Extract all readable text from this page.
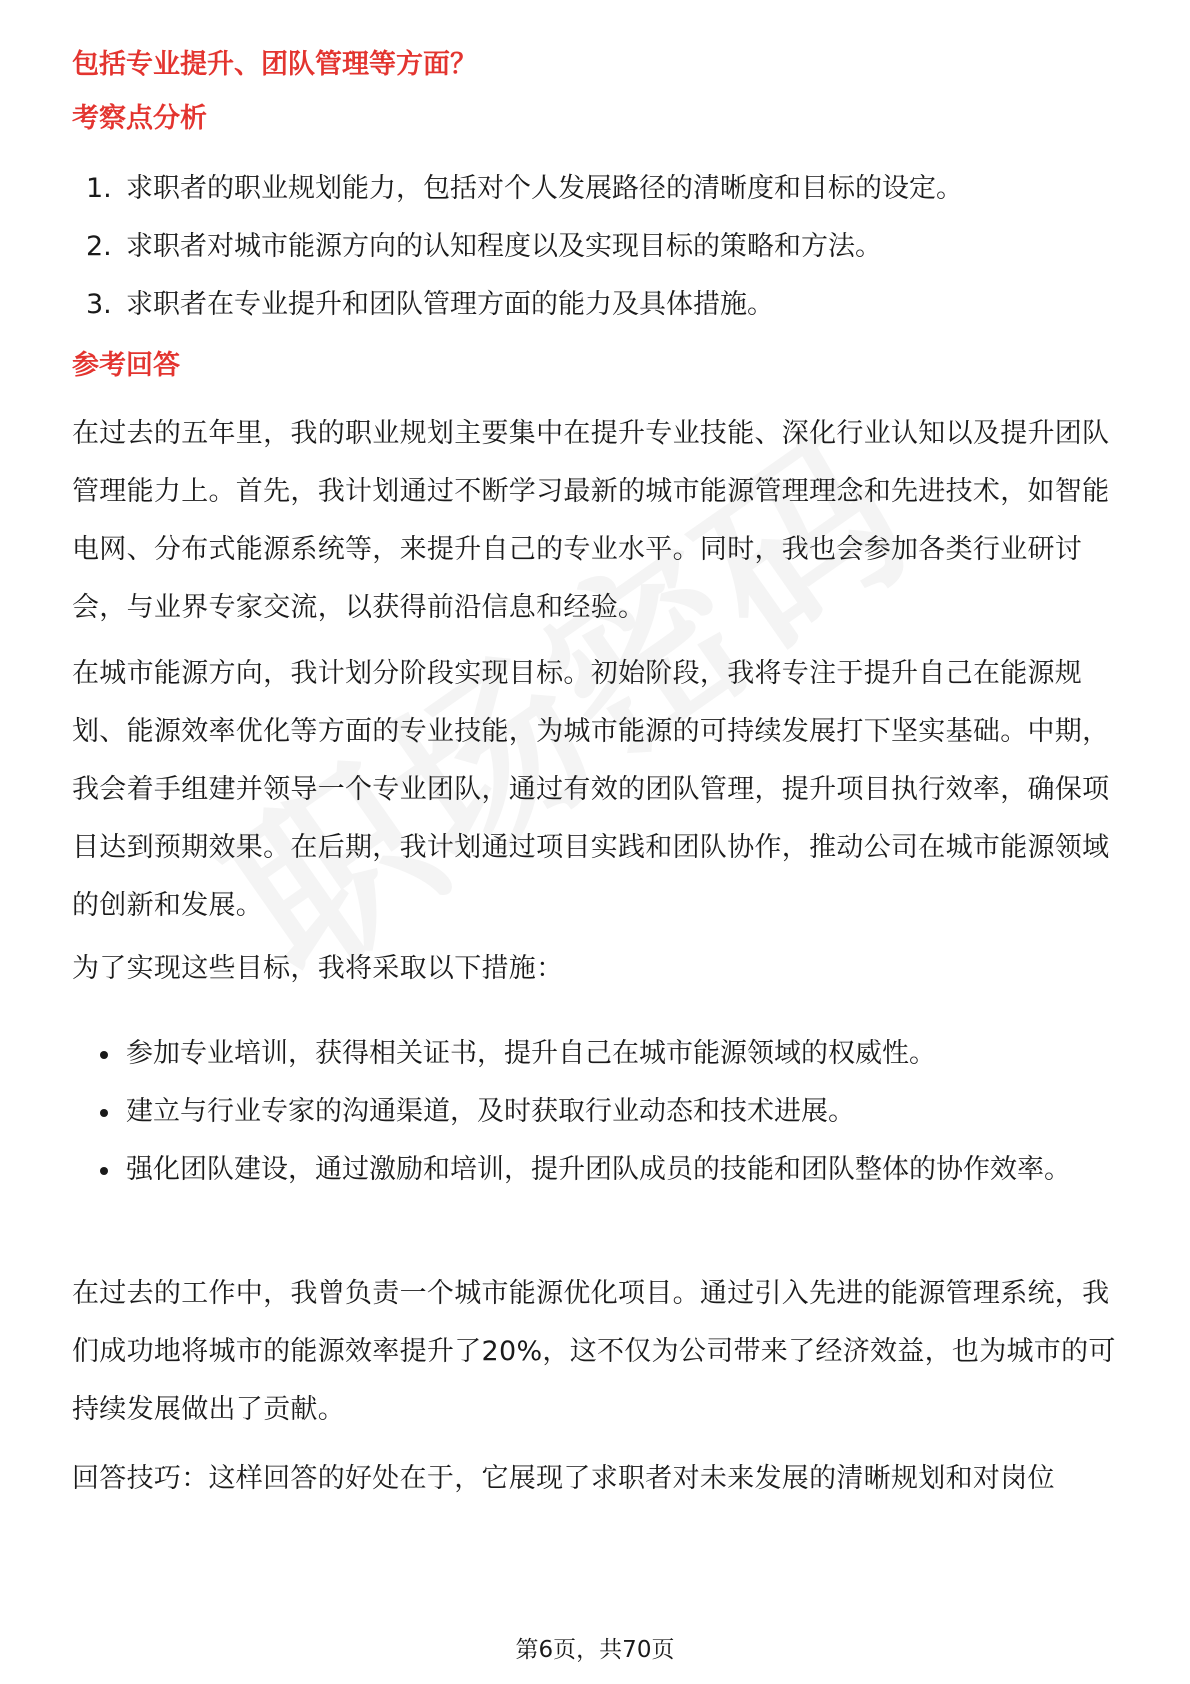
包括专业提升、团队管理等方面？
考察点分析
1. 求职者的职业规划能力，包括对个人发展路径的清晰度和目标的设定。
2. 求职者对城市能源方向的认知程度以及实现目标的策略和方法。
3. 求职者在专业提升和团队管理方面的能力及具体措施。
参考回答

在过去的五年里，我的职业规划主要集中在提升专业技能、深化行业认知以及提升团队管理能力上。首先，我计划通过不断学习最新的城市能源管理理念和先进技术，如智能电网、分布式能源系统等，来提升自己的专业水平。同时，我也会参加各类行业研讨会，与业界专家交流，以获得前沿信息和经验。

在城市能源方向，我计划分阶段实现目标。初始阶段，我将专注于提升自己在能源规划、能源效率优化等方面的专业技能，为城市能源的可持续发展打下坚实基础。中期，我会着手组建并领导一个专业团队，通过有效的团队管理，提升项目执行效率，确保项目达到预期效果。在后期，我计划通过项目实践和团队协作，推动公司在城市能源领域的创新和发展。

为了实现这些目标，我将采取以下措施：

参加专业培训，获得相关证书，提升自己在城市能源领域的权威性。
建立与行业专家的沟通渠道，及时获取行业动态和技术进展。
强化团队建设，通过激励和培训，提升团队成员的技能和团队整体的协作效率。

在过去的工作中，我曾负责一个城市能源优化项目。通过引入先进的能源管理系统，我们成功地将城市的能源效率提升了20%，这不仅为公司带来了经济效益，也为城市的可持续发展做出了贡献。

回答技巧：这样回答的好处在于，它展现了求职者对未来发展的清晰规划和对岗位

第6页，共70页
